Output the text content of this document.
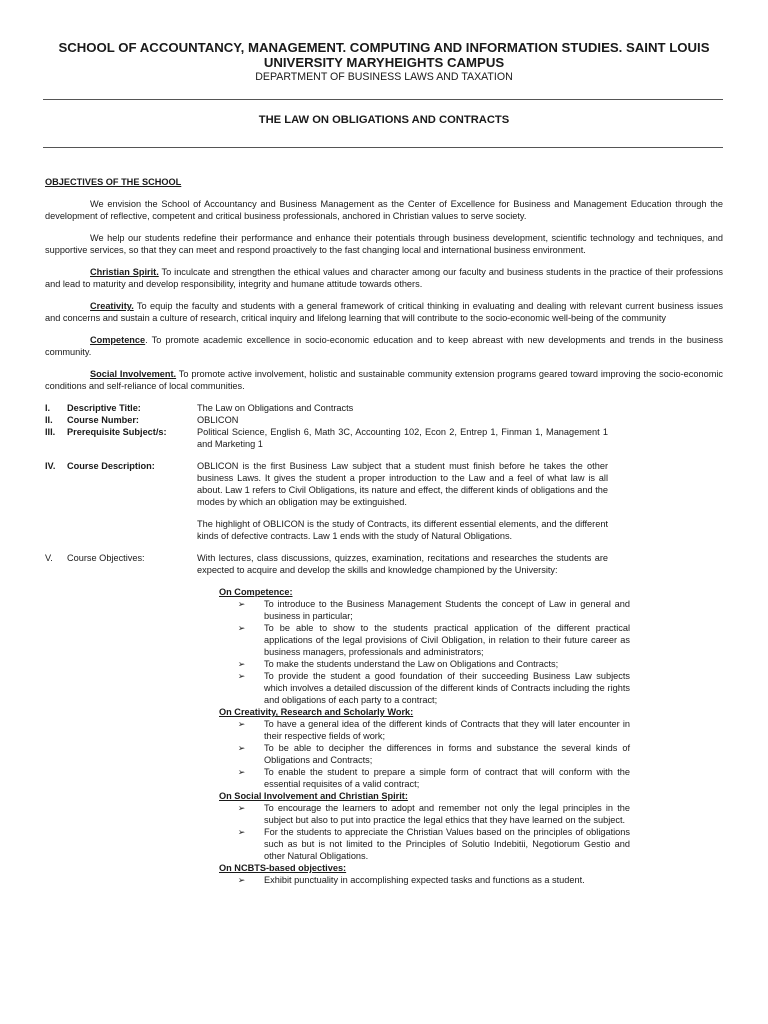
SCHOOL OF ACCOUNTANCY, MANAGEMENT. COMPUTING AND INFORMATION STUDIES. SAINT LOUIS

UNIVERSITY MARYHEIGHTS CAMPUS

DEPARTMENT OF BUSINESS LAWS AND TAXATION

THE LAW ON OBLIGATIONS AND CONTRACTS

OBJECTIVES OF THE SCHOOL

We envision the School of Accountancy and Business Management as the Center of Excellence for Business and Management Education through the development of reflective, competent and critical business professionals, anchored in Christian values to serve society.

We help our students redefine their performance and enhance their potentials through business development, scientific technology and techniques, and supportive services, so that they can meet and respond proactively to the fast changing local and international business environment.

Christian Spirit. To inculcate and strengthen the ethical values and character among our faculty and business students in the practice of their professions and lead to maturity and develop responsibility, integrity and humane attitude towards others.

Creativity. To equip the faculty and students with a general framework of critical thinking in evaluating and dealing with relevant current business issues and concerns and sustain a culture of research, critical inquiry and lifelong learning that will contribute to the socio-economic well-being of the community

Competence. To promote academic excellence in socio-economic education and to keep abreast with new developments and trends in the business community.

Social Involvement. To promote active involvement, holistic and sustainable community extension programs geared toward improving the socio-economic conditions and self-reliance of local communities.

I.	Descriptive Title:	The Law on Obligations and Contracts
II.	Course Number:	OBLICON
III.	Prerequisite Subject/s:	Political Science, English 6, Math 3C, Accounting 102, Econ 2, Entrep 1, Finman 1, Management 1 and Marketing 1
IV.	Course Description:	OBLICON is the first Business Law subject that a student must finish before he takes the other business Laws. It gives the student a proper introduction to the Law and a feel of what law is all about. Law 1 refers to Civil Obligations, its nature and effect, the different kinds of obligations and the modes by which an obligation may be extinguished.
The highlight of OBLICON is the study of Contracts, its different essential elements, and the different kinds of defective contracts. Law 1 ends with the study of Natural Obligations.
V.	Course Objectives:	With lectures, class discussions, quizzes, examination, recitations and researches the students are expected to acquire and develop the skills and knowledge championed by the University:
On Competence:
➢	To introduce to the Business Management Students the concept of Law in general and business in particular;
➢	To be able to show to the students practical application of the different practical applications of the legal provisions of Civil Obligation, in relation to their future career as business managers, professionals and administrators;
➢	To make the students understand the Law on Obligations and Contracts;
➢	To provide the student a good foundation of their succeeding Business Law subjects which involves a detailed discussion of the different kinds of Contracts including the rights and obligations of each party to a contract;
On Creativity, Research and Scholarly Work:
➢	To have a general idea of the different kinds of Contracts that they will later encounter in their respective fields of work;
➢	To be able to decipher the differences in forms and substance the several kinds of Obligations and Contracts;
➢	To enable the student to prepare a simple form of contract that will conform with the essential requisites of a valid contract;
On Social Involvement and Christian Spirit:
➢	To encourage the learners to adopt and remember not only the legal principles in the subject but also to put into practice the legal ethics that they have learned on the subject.
➢	For the students to appreciate the Christian Values based on the principles of obligations such as but is not limited to the Principles of Solutio Indebitii, Negotiorum Gestio and other Natural Obligations.
On NCBTS-based objectives:
➢	Exhibit punctuality in accomplishing expected tasks and functions as a student.
